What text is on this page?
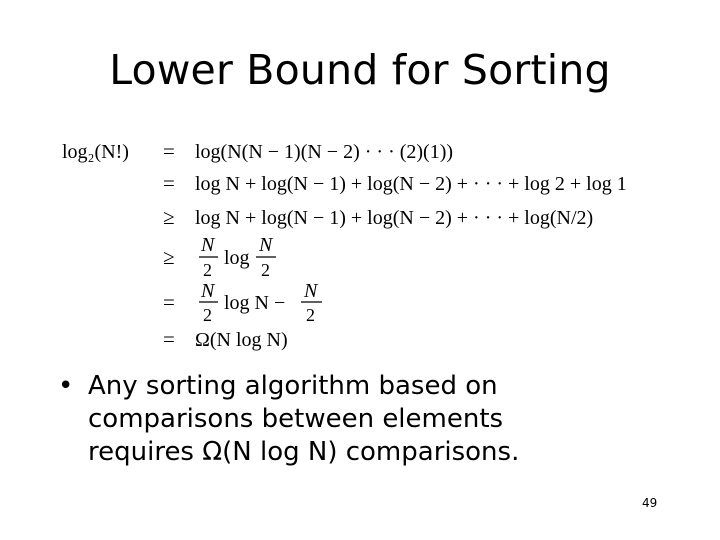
Lower Bound for Sorting
log₂(N!) = log(N(N − 1)(N − 2) · · · (2)(1))
= log N + log(N − 1) + log(N − 2) + · · · + log 2 + log 1
≥ log N + log(N − 1) + log(N − 2) + · · · + log(N/2)
≥ N
2
log
N
2
= N
2
log N −
N
2
= Ω(N log N)
• Any sorting algorithm based on
comparisons between elements
requires Ω(N log N) comparisons.
49
